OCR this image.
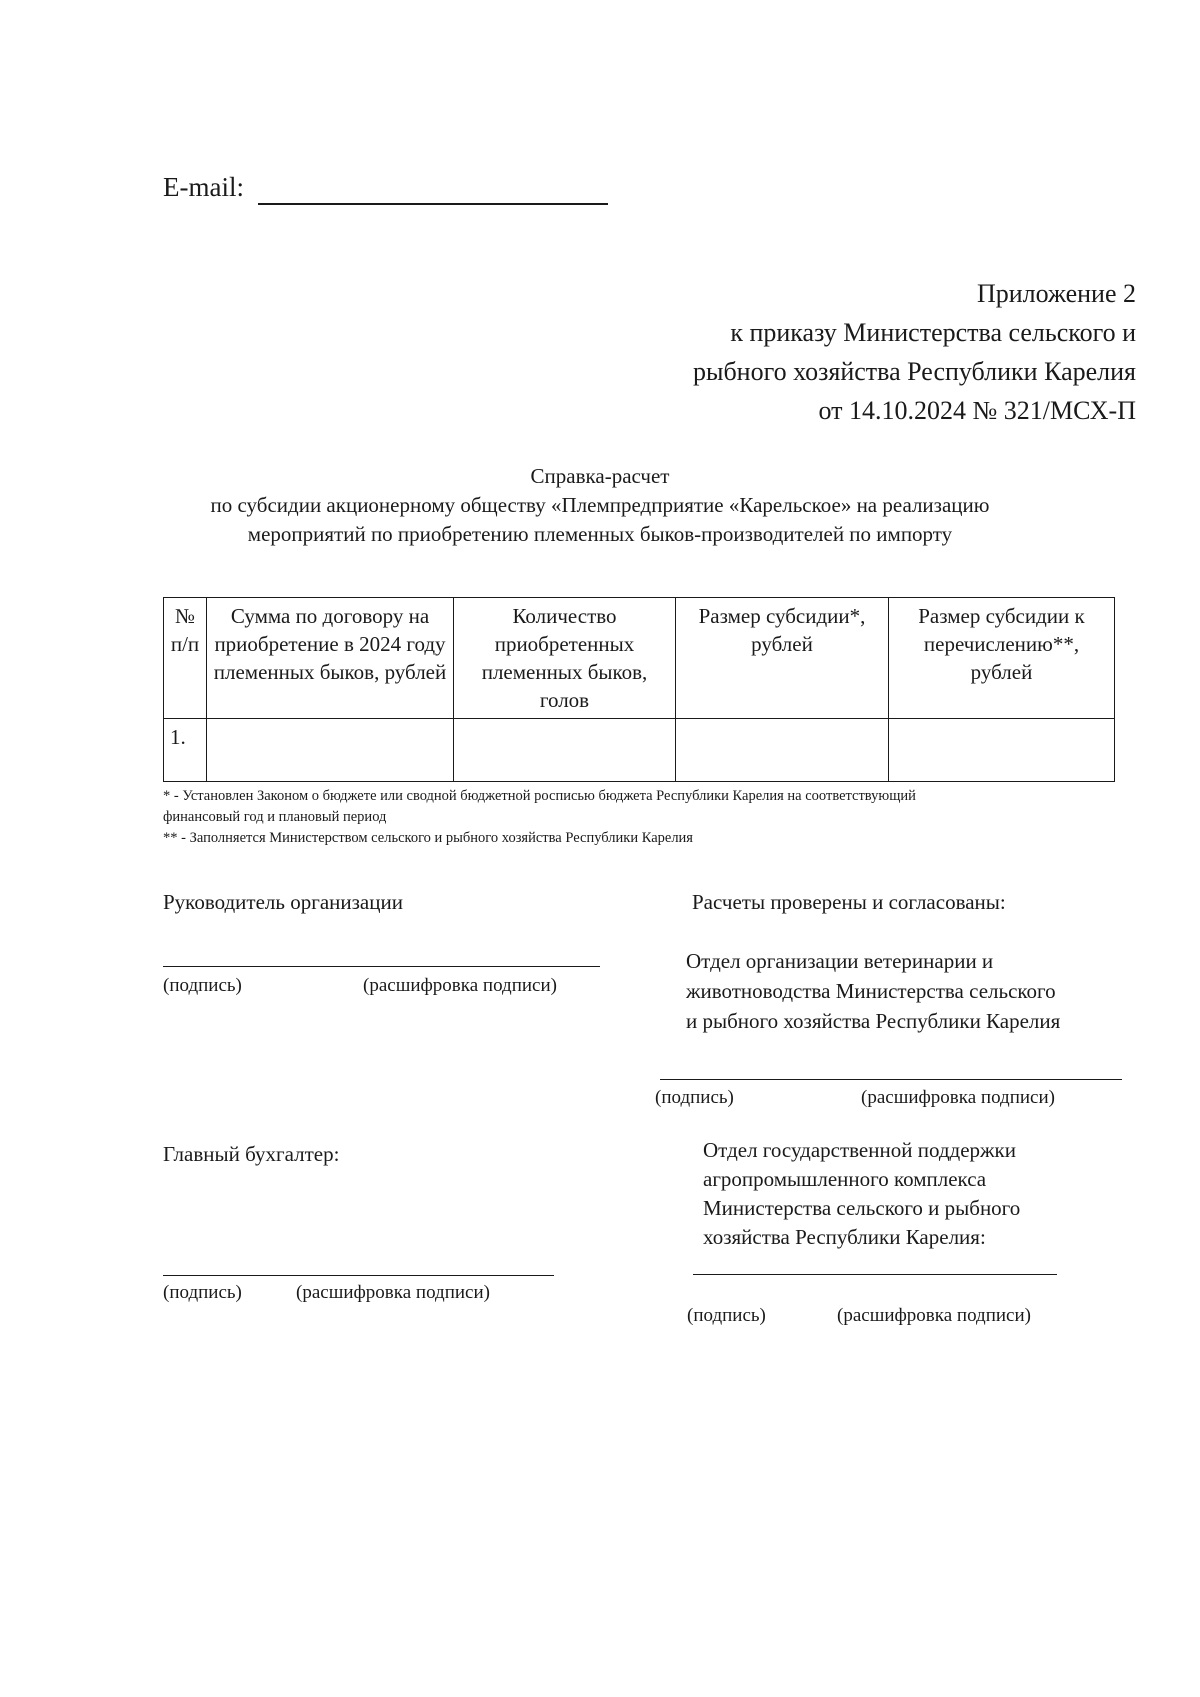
E-mail:
Приложение 2
к приказу Министерства сельского и
рыбного хозяйства Республики Карелия
от 14.10.2024 № 321/МСХ-П
Справка-расчет
по субсидии акционерному обществу «Племпредприятие «Карельское» на реализацию
мероприятий по приобретению племенных быков-производителей по импорту
№ п/п	Сумма по договору на приобретение в 2024 году племенных быков, рублей	Количество приобретенных племенных быков, голов	Размер субсидии*, рублей	Размер субсидии к перечислению**, рублей
1.				
* - Установлен Законом о бюджете или сводной бюджетной росписью бюджета Республики Карелия на соответствующий
финансовый год и плановый период
** - Заполняется Министерством сельского и рыбного хозяйства Республики Карелия
Руководитель организации
(подпись)	(расшифровка подписи)
Расчеты проверены и согласованы:
Отдел организации ветеринарии и
животноводства Министерства сельского
и рыбного хозяйства Республики Карелия
(подпись)	(расшифровка подписи)
Главный бухгалтер:
(подпись)	(расшифровка подписи)
Отдел государственной поддержки
агропромышленного комплекса
Министерства сельского и рыбного
хозяйства Республики Карелия:
(подпись)	(расшифровка подписи)
